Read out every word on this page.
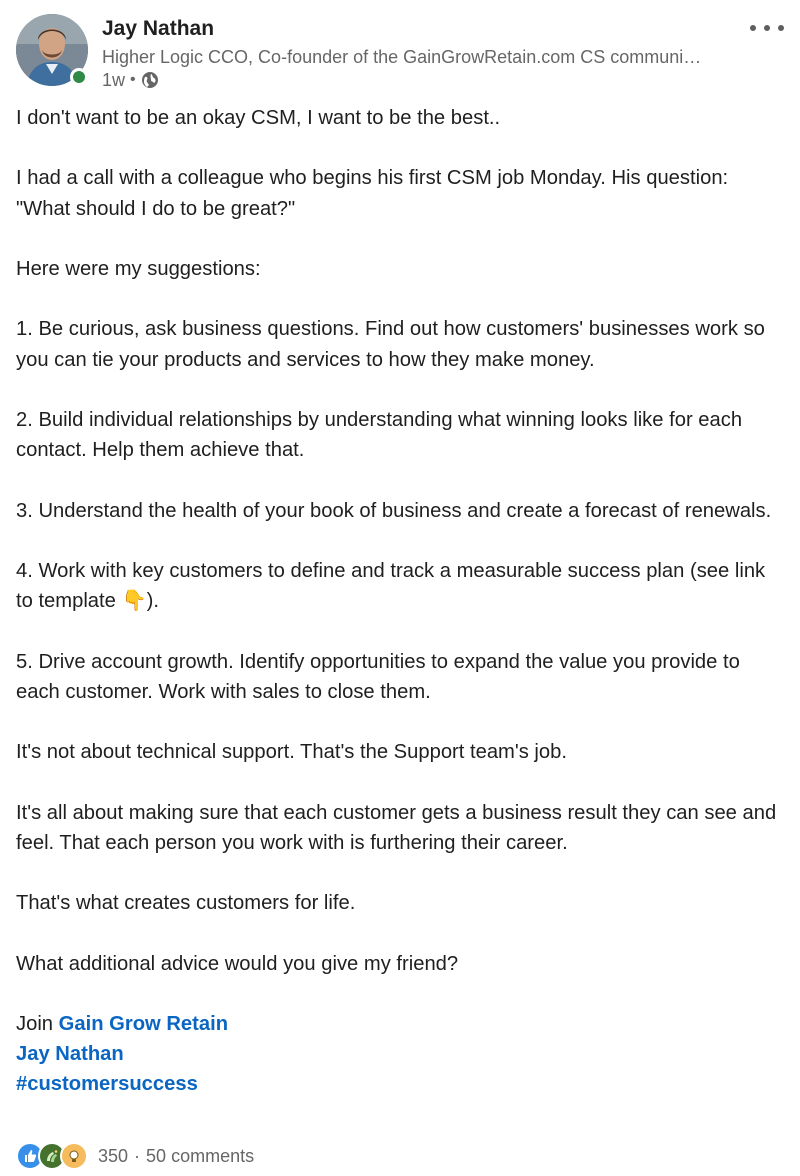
Jay Nathan
Higher Logic CCO, Co-founder of the GainGrowRetain.com CS communi…
1w •

I don't want to be an okay CSM, I want to be the best..

I had a call with a colleague who begins his first CSM job Monday. His question: "What should I do to be great?"

Here were my suggestions:

1. Be curious, ask business questions. Find out how customers' businesses work so you can tie your products and services to how they make money.

2. Build individual relationships by understanding what winning looks like for each contact. Help them achieve that.

3. Understand the health of your book of business and create a forecast of renewals.

4. Work with key customers to define and track a measurable success plan (see link to template 👇).

5. Drive account growth. Identify opportunities to expand the value you provide to each customer. Work with sales to close them.

It's not about technical support. That's the Support team's job.

It's all about making sure that each customer gets a business result they can see and feel. That each person you work with is furthering their career.

That's what creates customers for life.

What additional advice would you give my friend?

Join Gain Grow Retain

Jay Nathan

#customersuccess

350 · 50 comments
